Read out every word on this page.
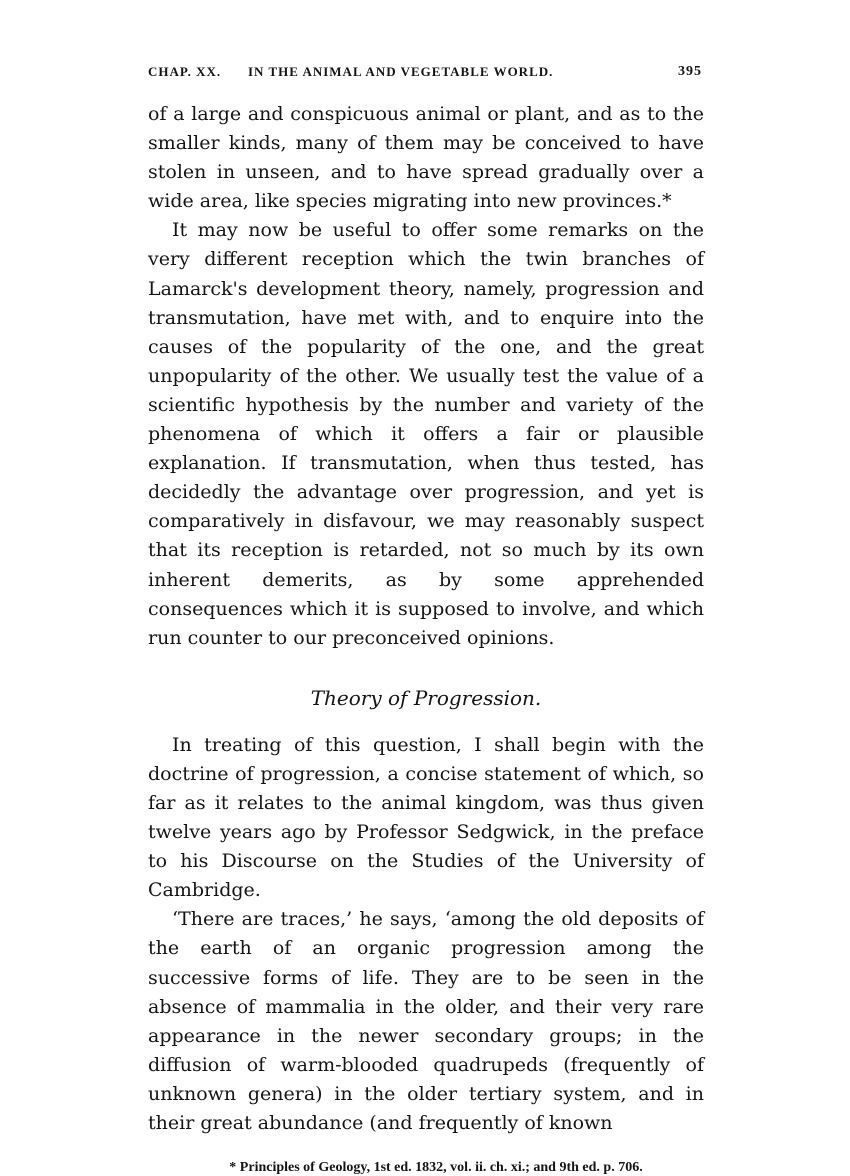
CHAP. XX. IN THE ANIMAL AND VEGETABLE WORLD.	395

of a large and conspicuous animal or plant, and as to the smaller kinds, many of them may be conceived to have stolen in unseen, and to have spread gradually over a wide area, like species migrating into new provinces.*

It may now be useful to offer some remarks on the very different reception which the twin branches of Lamarck's development theory, namely, progression and transmutation, have met with, and to enquire into the causes of the popularity of the one, and the great unpopularity of the other. We usually test the value of a scientific hypothesis by the number and variety of the phenomena of which it offers a fair or plausible explanation. If transmutation, when thus tested, has decidedly the advantage over progression, and yet is comparatively in disfavour, we may reasonably suspect that its reception is retarded, not so much by its own inherent demerits, as by some apprehended consequences which it is supposed to involve, and which run counter to our preconceived opinions.

Theory of Progression.

In treating of this question, I shall begin with the doctrine of progression, a concise statement of which, so far as it relates to the animal kingdom, was thus given twelve years ago by Professor Sedgwick, in the preface to his Discourse on the Studies of the University of Cambridge.

‘There are traces,’ he says, ‘among the old deposits of the earth of an organic progression among the successive forms of life. They are to be seen in the absence of mammalia in the older, and their very rare appearance in the newer secondary groups; in the diffusion of warm-blooded quadrupeds (frequently of unknown genera) in the older tertiary system, and in their great abundance (and frequently of known

* Principles of Geology, 1st ed. 1832, vol. ii. ch. xi.; and 9th ed. p. 706.
